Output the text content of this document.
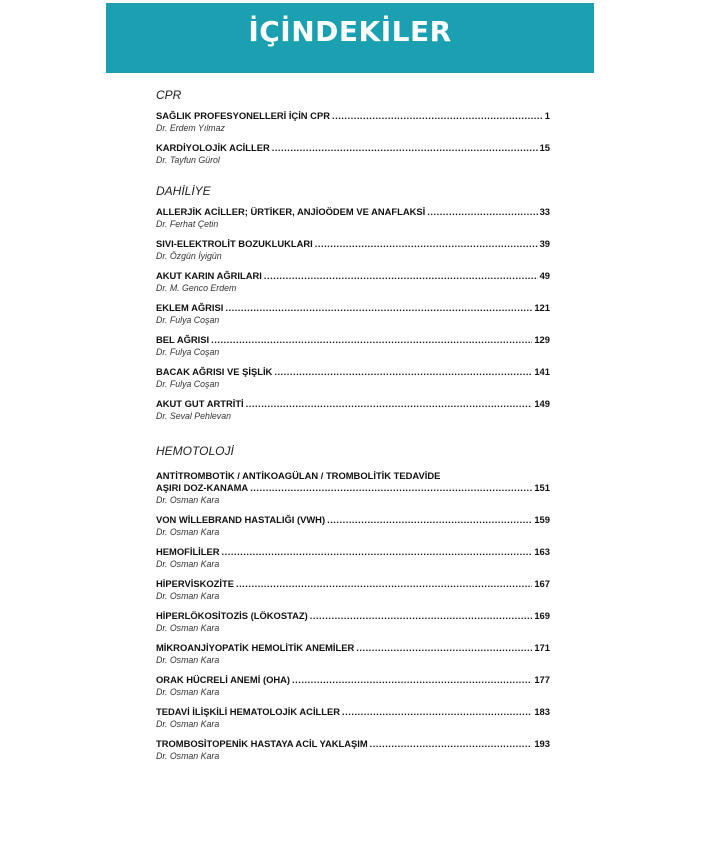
İÇİNDEKİLER
CPR
SAĞLIK PROFESYONELLERİ İÇİN CPR .....	1
Dr. Erdem Yılmaz
KARDİYOLOJİK ACİLLER .....	15
Dr. Tayfun Gürol
DAHİLİYE
ALLERJİK ACİLLER; ÜRTİKER, ANJİOÖDEM VE ANAFLAKSİ .....	33
Dr. Ferhat Çetin
SIVI-ELEKTROLİT BOZUKLUKLARI .....	39
Dr. Özgün İyigün
AKUT KARIN AĞRILARI .....	49
Dr. M. Genco Erdem
EKLEM AĞRISI .....	121
Dr. Fulya Coşan
BEL AĞRISI .....	129
Dr. Fulya Coşan
BACAK AĞRISI VE ŞİŞLİK .....	141
Dr. Fulya Coşan
AKUT GUT ARTRİTİ .....	149
Dr. Seval Pehlevan
HEMOTOLOJİ
ANTİTROMBOTİK / ANTİKOAGÜLAN / TROMBOLİTİK TEDAVİDE
AŞIRI DOZ-KANAMA .....	151
Dr. Osman Kara
VON WİLLEBRAND HASTALIĞI (VWH) .....	159
Dr. Osman Kara
HEMOFİLİLER .....	163
Dr. Osman Kara
HİPERVİSKOZİTE .....	167
Dr. Osman Kara
HİPERLÖKOSİTOZİS (LÖKOSTAZ) .....	169
Dr. Osman Kara
MİKROANJİYOPATİK HEMOLİTİK ANEMİLER .....	171
Dr. Osman Kara
ORAK HÜCRELİ ANEMİ (OHA) .....	177
Dr. Osman Kara
TEDAVİ İLİŞKİLİ HEMATOLOJİK ACİLLER .....	183
Dr. Osman Kara
TROMBOSİTOPENİK HASTAYA ACİL YAKLAŞIM .....	193
Dr. Osman Kara
